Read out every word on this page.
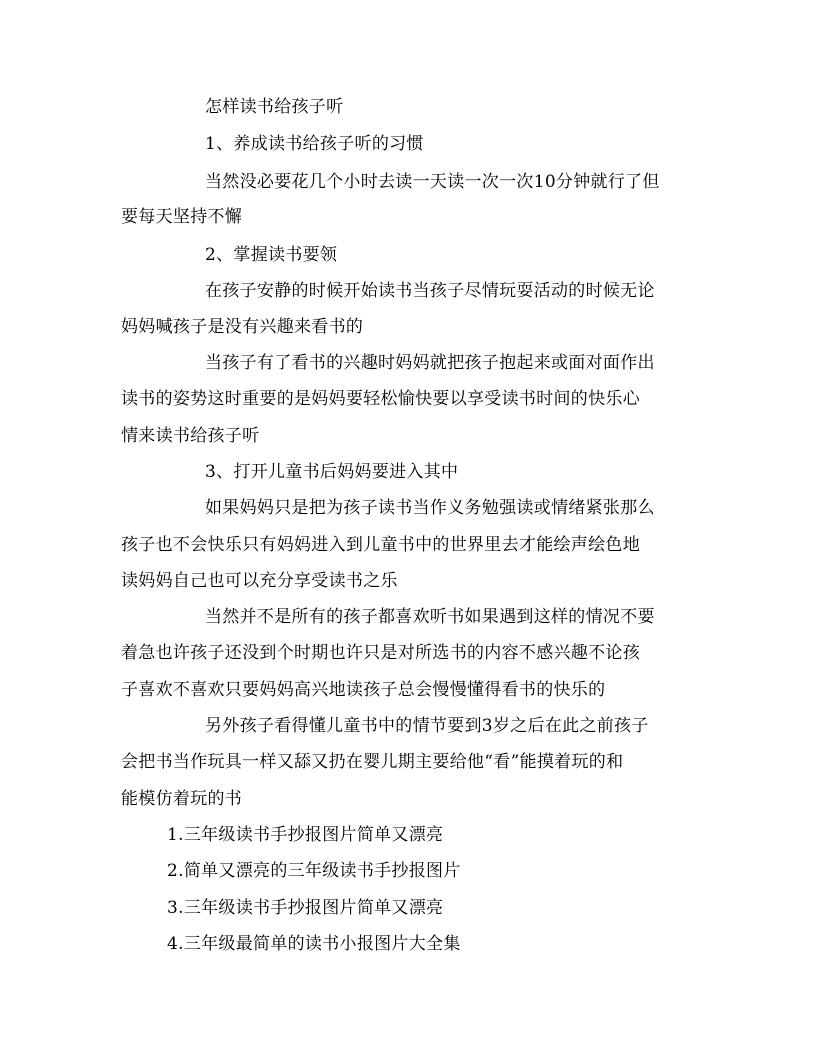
怎样读书给孩子听

1、养成读书给孩子听的习惯

当然没必要花几个小时去读一天读一次一次10分钟就行了但

要每天坚持不懈

2、掌握读书要领

在孩子安静的时候开始读书当孩子尽情玩耍活动的时候无论

妈妈喊孩子是没有兴趣来看书的

当孩子有了看书的兴趣时妈妈就把孩子抱起来或面对面作出

读书的姿势这时重要的是妈妈要轻松愉快要以享受读书时间的快乐心

情来读书给孩子听

3、打开儿童书后妈妈要进入其中

如果妈妈只是把为孩子读书当作义务勉强读或情绪紧张那么

孩子也不会快乐只有妈妈进入到儿童书中的世界里去才能绘声绘色地

读妈妈自己也可以充分享受读书之乐

当然并不是所有的孩子都喜欢听书如果遇到这样的情况不要

着急也许孩子还没到个时期也许只是对所选书的内容不感兴趣不论孩

子喜欢不喜欢只要妈妈高兴地读孩子总会慢慢懂得看书的快乐的

另外孩子看得懂儿童书中的情节要到3岁之后在此之前孩子

会把书当作玩具一样又舔又扔在婴儿期主要给他“看”能摸着玩的和

能模仿着玩的书

1.三年级读书手抄报图片简单又漂亮

2.简单又漂亮的三年级读书手抄报图片

3.三年级读书手抄报图片简单又漂亮

4.三年级最简单的读书小报图片大全集
